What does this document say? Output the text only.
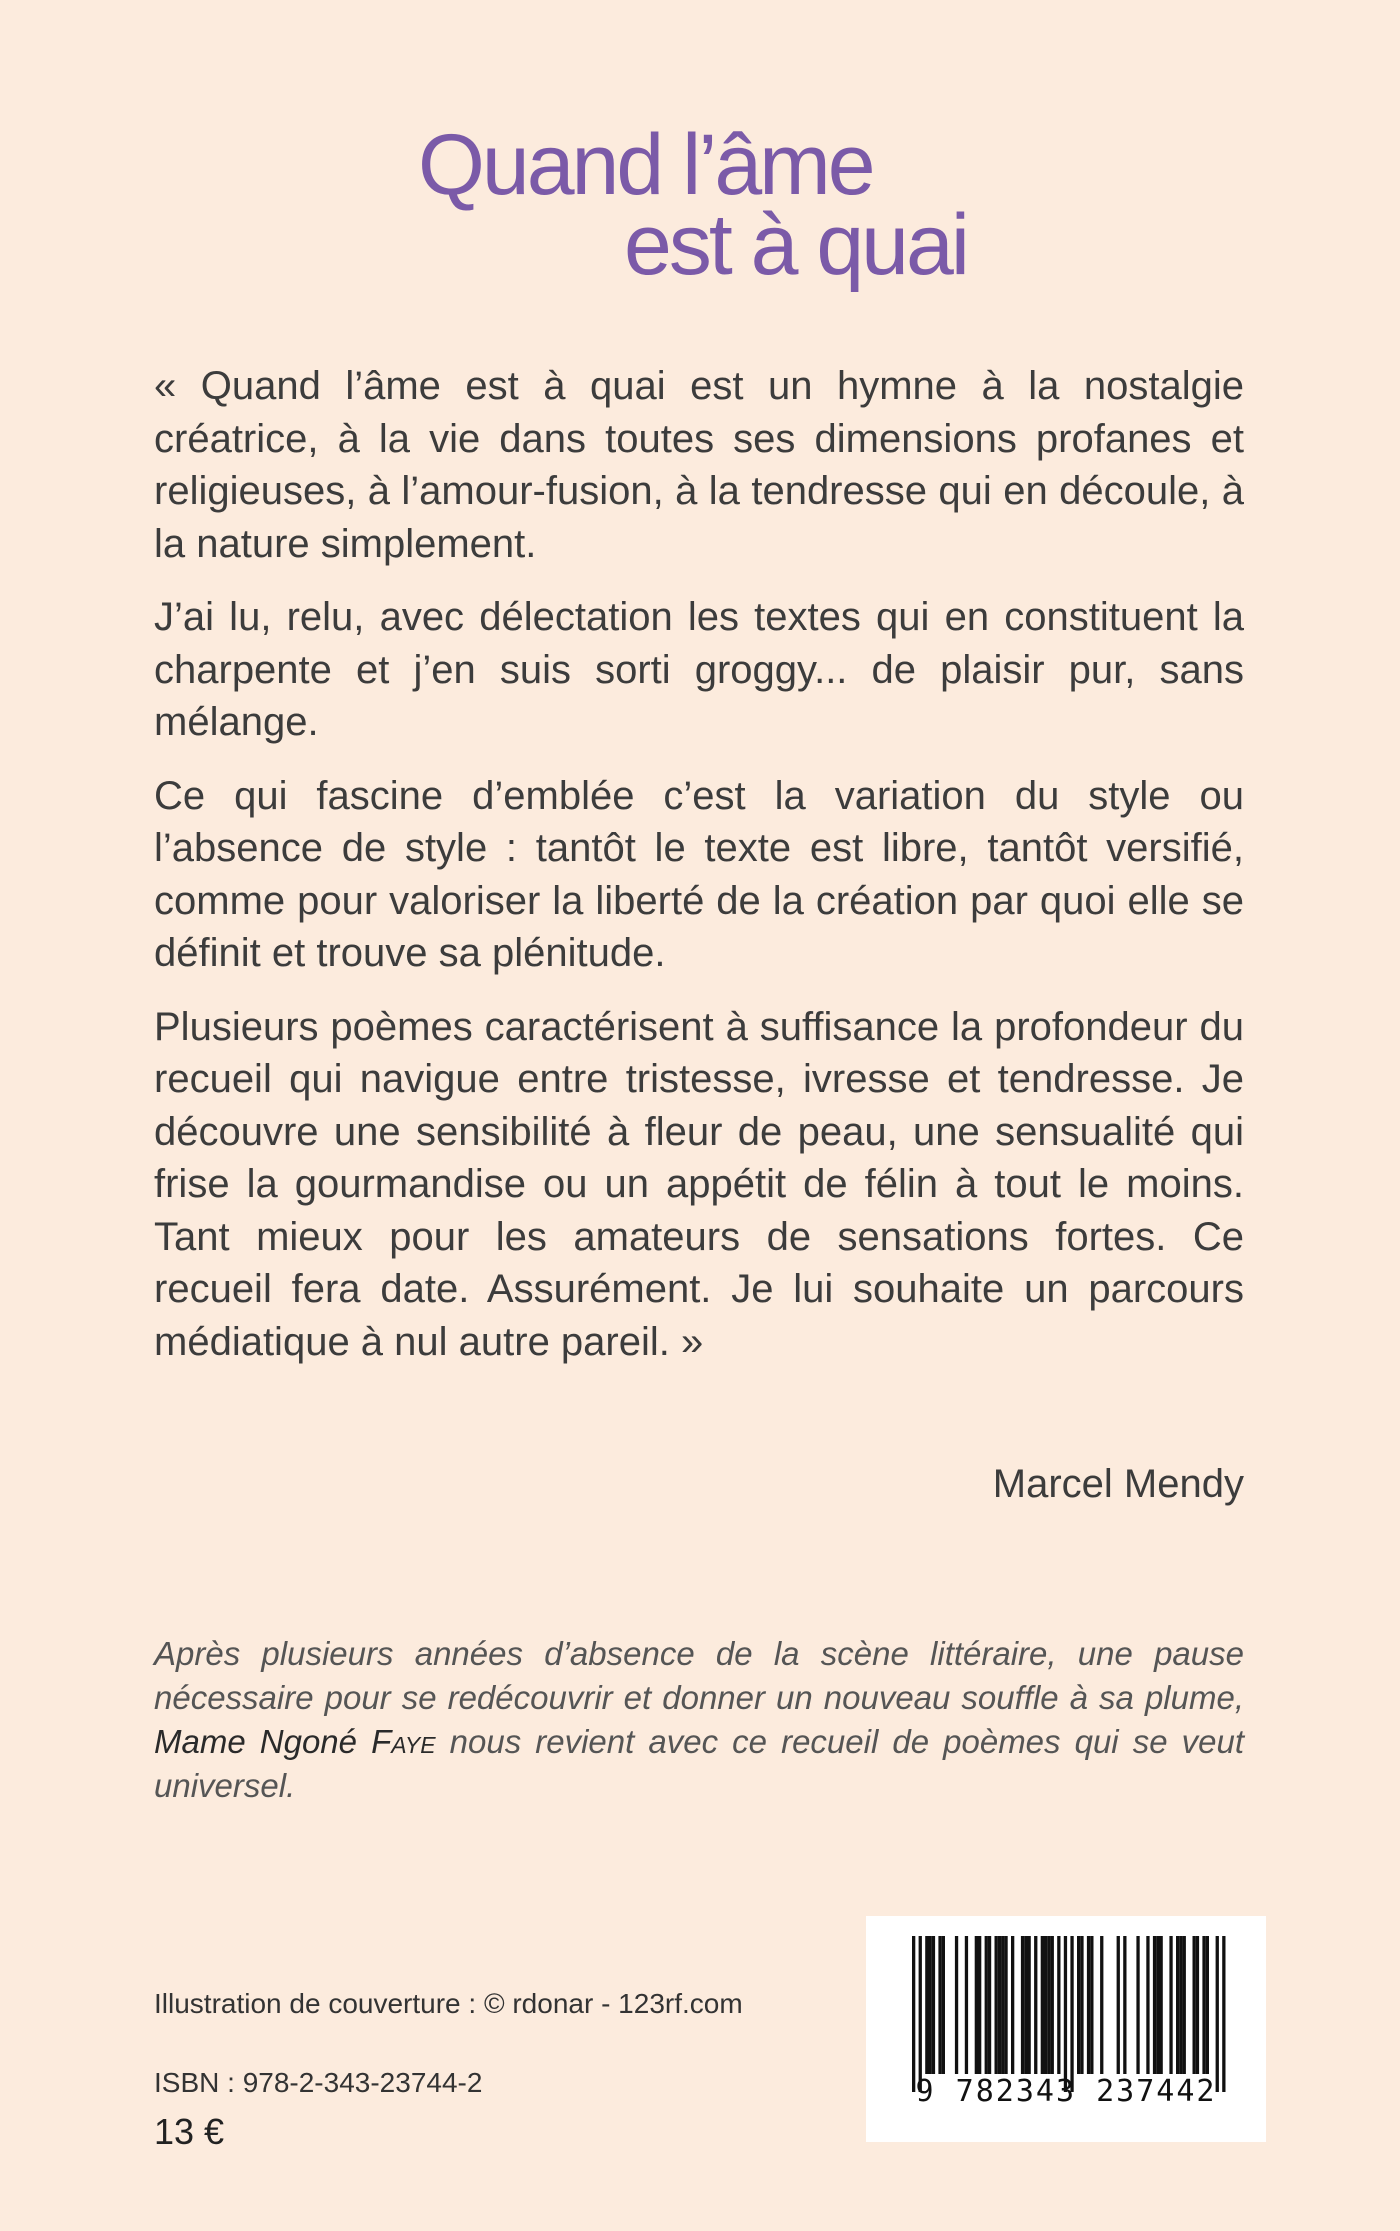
Quand l’âme
est à quai

« Quand l’âme est à quai est un hymne à la nostalgie créatrice, à la vie dans toutes ses dimensions profanes et religieuses, à l’amour-fusion, à la tendresse qui en découle, à la nature simplement.

J’ai lu, relu, avec délectation les textes qui en constituent la charpente et j’en suis sorti groggy... de plaisir pur, sans mélange.

Ce qui fascine d’emblée c’est la variation du style ou l’absence de style : tantôt le texte est libre, tantôt versifié, comme pour valoriser la liberté de la création par quoi elle se définit et trouve sa plénitude.

Plusieurs poèmes caractérisent à suffisance la profondeur du recueil qui navigue entre tristesse, ivresse et tendresse. Je découvre une sensibilité à fleur de peau, une sensualité qui frise la gourmandise ou un appétit de félin à tout le moins. Tant mieux pour les amateurs de sensations fortes. Ce recueil fera date. Assurément. Je lui souhaite un parcours médiatique à nul autre pareil. »

Marcel Mendy
Après plusieurs années d’absence de la scène littéraire, une pause nécessaire pour se redécouvrir et donner un nouveau souffle à sa plume, Mame Ngoné Faye nous revient avec ce recueil de poèmes qui se veut universel.
Illustration de couverture : © rdonar - 123rf.com
ISBN : 978-2-343-23744-2
13 €
9 782343 237442
